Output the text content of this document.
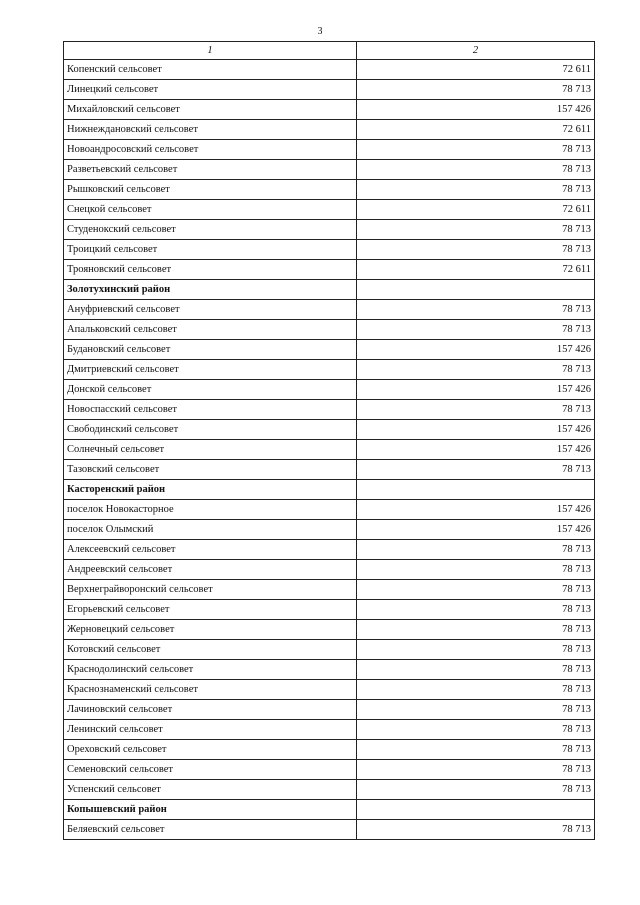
3
1	2
Копенский сельсовет	72 611
Линецкий сельсовет	78 713
Михайловский сельсовет	157 426
Нижнеждановский сельсовет	72 611
Новоандросовский сельсовет	78 713
Разветьевский сельсовет	78 713
Рышковский сельсовет	78 713
Снецкой сельсовет	72 611
Студенокский сельсовет	78 713
Троицкий сельсовет	78 713
Трояновский сельсовет	72 611
Золотухинский район	
Ануфриевский сельсовет	78 713
Апальковский сельсовет	78 713
Будановский сельсовет	157 426
Дмитриевский сельсовет	78 713
Донской сельсовет	157 426
Новоспасский сельсовет	78 713
Свободинский сельсовет	157 426
Солнечный сельсовет	157 426
Тазовский сельсовет	78 713
Касторенский район	
поселок Новокасторное	157 426
поселок Олымский	157 426
Алексеевский сельсовет	78 713
Андреевский сельсовет	78 713
Верхнеграйворонский сельсовет	78 713
Егорьевский сельсовет	78 713
Жерновецкий сельсовет	78 713
Котовский сельсовет	78 713
Краснодолинский сельсовет	78 713
Краснознаменский сельсовет	78 713
Лачиновский сельсовет	78 713
Ленинский сельсовет	78 713
Ореховский сельсовет	78 713
Семеновский сельсовет	78 713
Успенский сельсовет	78 713
Копышевский район	
Беляевский сельсовет	78 713
